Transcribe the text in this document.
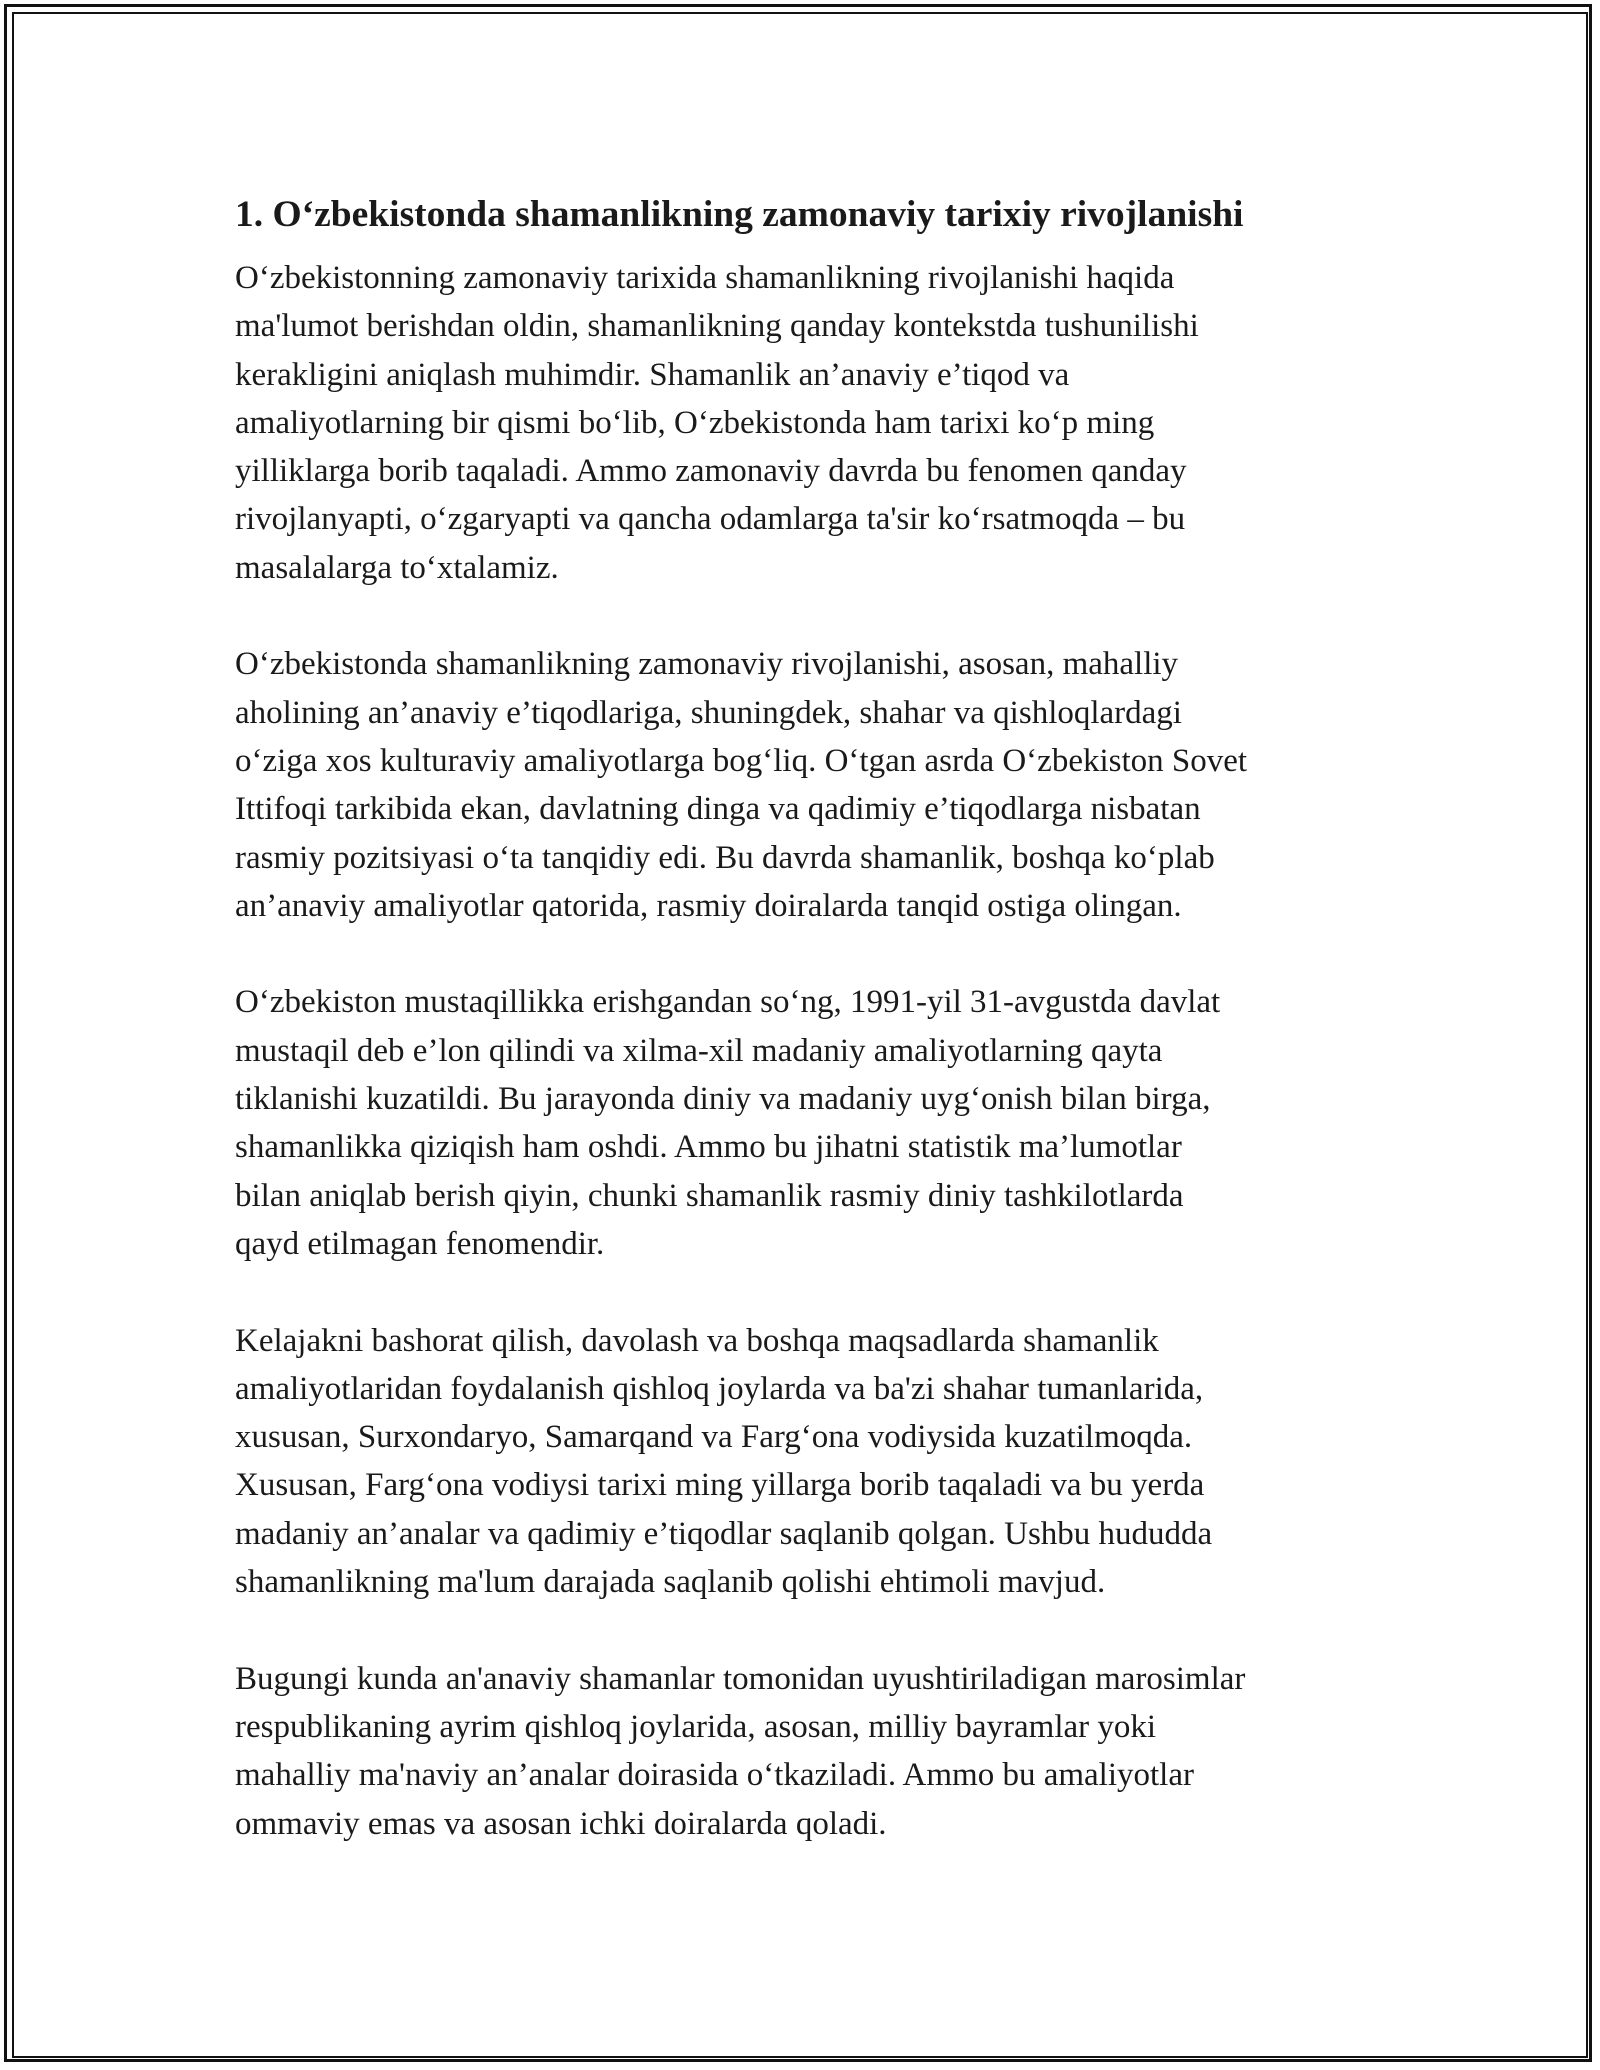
1. O‘zbekistonda shamanlikning zamonaviy tarixiy rivojlanishi
O‘zbekistonning zamonaviy tarixida shamanlikning rivojlanishi haqida
ma'lumot berishdan oldin, shamanlikning qanday kontekstda tushunilishi
kerakligini aniqlash muhimdir. Shamanlik an’anaviy e’tiqod va
amaliyotlarning bir qismi bo‘lib, O‘zbekistonda ham tarixi ko‘p ming
yilliklarga borib taqaladi. Ammo zamonaviy davrda bu fenomen qanday
rivojlanyapti, o‘zgaryapti va qancha odamlarga ta'sir ko‘rsatmoqda – bu
masalalarga to‘xtalamiz.
O‘zbekistonda shamanlikning zamonaviy rivojlanishi, asosan, mahalliy
aholining an’anaviy e’tiqodlariga, shuningdek, shahar va qishloqlardagi
o‘ziga xos kulturaviy amaliyotlarga bog‘liq. O‘tgan asrda O‘zbekiston Sovet
Ittifoqi tarkibida ekan, davlatning dinga va qadimiy e’tiqodlarga nisbatan
rasmiy pozitsiyasi o‘ta tanqidiy edi. Bu davrda shamanlik, boshqa ko‘plab
an’anaviy amaliyotlar qatorida, rasmiy doiralarda tanqid ostiga olingan.
O‘zbekiston mustaqillikka erishgandan so‘ng, 1991-yil 31-avgustda davlat
mustaqil deb e’lon qilindi va xilma-xil madaniy amaliyotlarning qayta
tiklanishi kuzatildi. Bu jarayonda diniy va madaniy uyg‘onish bilan birga,
shamanlikka qiziqish ham oshdi. Ammo bu jihatni statistik ma’lumotlar
bilan aniqlab berish qiyin, chunki shamanlik rasmiy diniy tashkilotlarda
qayd etilmagan fenomendir.
Kelajakni bashorat qilish, davolash va boshqa maqsadlarda shamanlik
amaliyotlaridan foydalanish qishloq joylarda va ba'zi shahar tumanlarida,
xususan, Surxondaryo, Samarqand va Farg‘ona vodiysida kuzatilmoqda.
Xususan, Farg‘ona vodiysi tarixi ming yillarga borib taqaladi va bu yerda
madaniy an’analar va qadimiy e’tiqodlar saqlanib qolgan. Ushbu hududda
shamanlikning ma'lum darajada saqlanib qolishi ehtimoli mavjud.
Bugungi kunda an'anaviy shamanlar tomonidan uyushtiriladigan marosimlar
respublikaning ayrim qishloq joylarida, asosan, milliy bayramlar yoki
mahalliy ma'naviy an’analar doirasida o‘tkaziladi. Ammo bu amaliyotlar
ommaviy emas va asosan ichki doiralarda qoladi.
